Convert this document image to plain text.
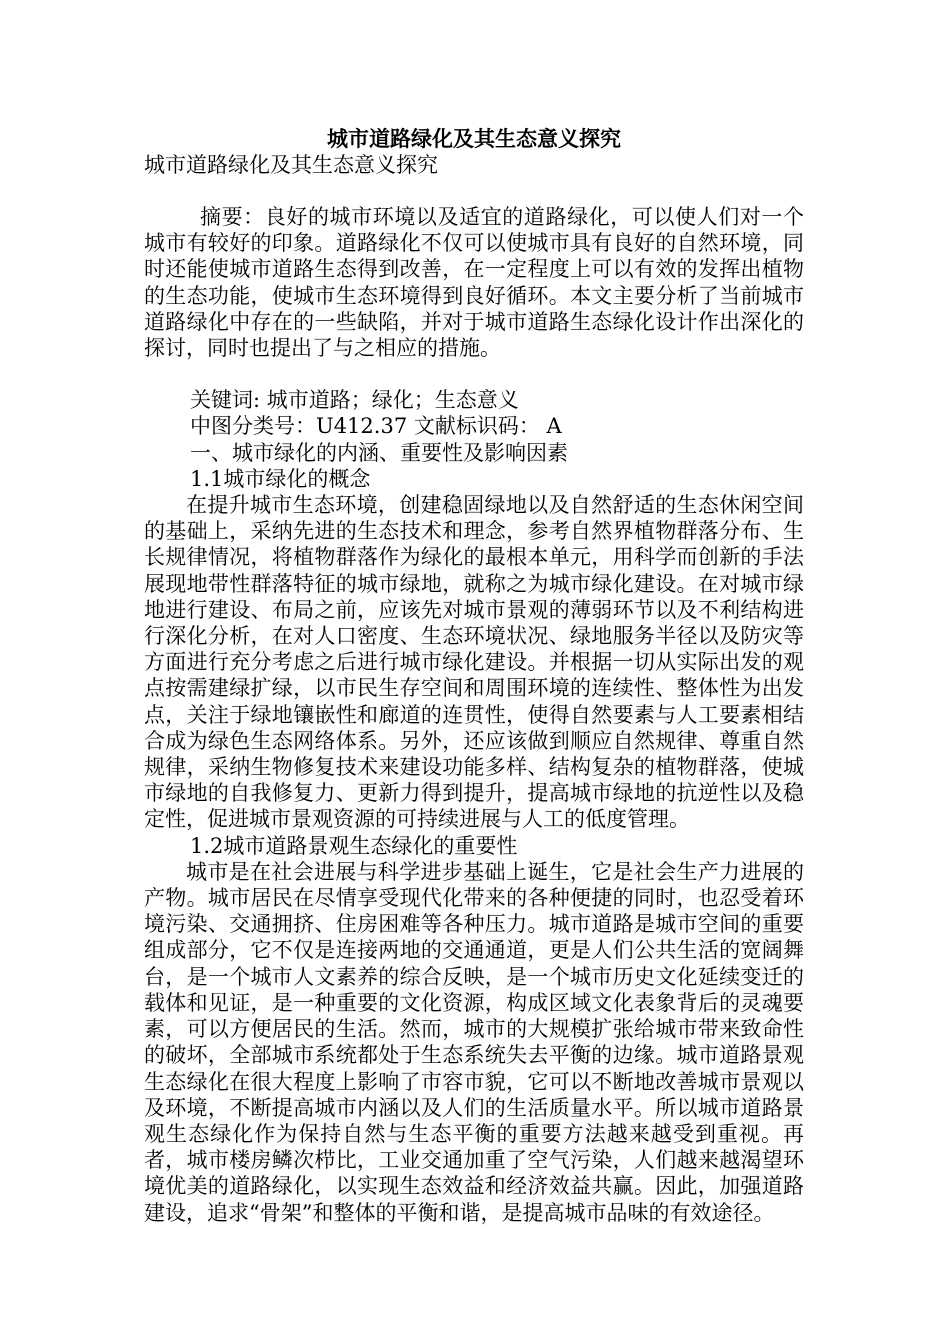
城市道路绿化及其生态意义探究

城市道路绿化及其生态意义探究

摘要：良好的城市环境以及适宜的道路绿化，可以使人们对一个城市有较好的印象。道路绿化不仅可以使城市具有良好的自然环境，同时还能使城市道路生态得到改善，在一定程度上可以有效的发挥出植物的生态功能，使城市生态环境得到良好循环。本文主要分析了当前城市道路绿化中存在的一些缺陷，并对于城市道路生态绿化设计作出深化的探讨，同时也提出了与之相应的措施。

关键词: 城市道路；绿化；生态意义

中图分类号：U412.37 文献标识码： A

一、城市绿化的内涵、重要性及影响因素

1.1城市绿化的概念

在提升城市生态环境，创建稳固绿地以及自然舒适的生态休闲空间的基础上，采纳先进的生态技术和理念，参考自然界植物群落分布、生长规律情况，将植物群落作为绿化的最根本单元，用科学而创新的手法展现地带性群落特征的城市绿地，就称之为城市绿化建设。在对城市绿地进行建设、布局之前，应该先对城市景观的薄弱环节以及不利结构进行深化分析，在对人口密度、生态环境状况、绿地服务半径以及防灾等方面进行充分考虑之后进行城市绿化建设。并根据一切从实际出发的观点按需建绿扩绿，以市民生存空间和周围环境的连续性、整体性为出发点，关注于绿地镶嵌性和廊道的连贯性，使得自然要素与人工要素相结合成为绿色生态网络体系。另外，还应该做到顺应自然规律、尊重自然规律，采纳生物修复技术来建设功能多样、结构复杂的植物群落，使城市绿地的自我修复力、更新力得到提升，提高城市绿地的抗逆性以及稳定性，促进城市景观资源的可持续进展与人工的低度管理。

1.2城市道路景观生态绿化的重要性

城市是在社会进展与科学进步基础上诞生，它是社会生产力进展的产物。城市居民在尽情享受现代化带来的各种便捷的同时，也忍受着环境污染、交通拥挤、住房困难等各种压力。城市道路是城市空间的重要组成部分，它不仅是连接两地的交通通道，更是人们公共生活的宽阔舞台，是一个城市人文素养的综合反映，是一个城市历史文化延续变迁的载体和见证，是一种重要的文化资源，构成区域文化表象背后的灵魂要素，可以方便居民的生活。然而，城市的大规模扩张给城市带来致命性的破坏，全部城市系统都处于生态系统失去平衡的边缘。城市道路景观生态绿化在很大程度上影响了市容市貌，它可以不断地改善城市景观以及环境，不断提高城市内涵以及人们的生活质量水平。所以城市道路景观生态绿化作为保持自然与生态平衡的重要方法越来越受到重视。再者，城市楼房鳞次栉比，工业交通加重了空气污染，人们越来越渴望环境优美的道路绿化，以实现生态效益和经济效益共赢。因此，加强道路建设，追求“骨架”和整体的平衡和谐，是提高城市品味的有效途径。
